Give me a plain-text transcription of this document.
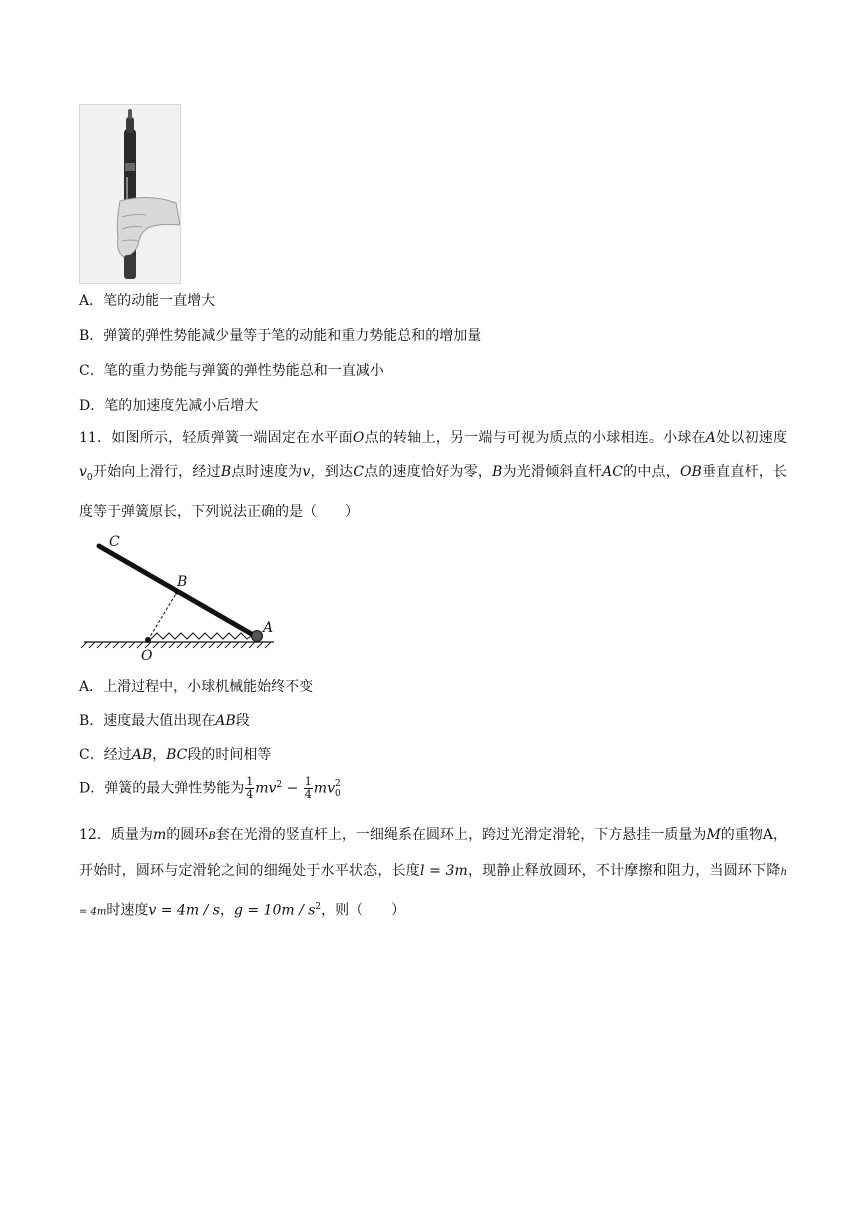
A．笔的动能一直增大
B．弹簧的弹性势能减少量等于笔的动能和重力势能总和的增加量
C．笔的重力势能与弹簧的弹性势能总和一直减小
D．笔的加速度先减小后增大
11．如图所示，轻质弹簧一端固定在水平面O点的转轴上，另一端与可视为质点的小球相连。小球在A处以初速度$v_0$开始向上滑行，经过B点时速度为v，到达C点的速度恰好为零，B为光滑倾斜直杆AC的中点，OB垂直直杆，长度等于弹簧原长，下列说法正确的是（　　）
C
B
A
O
A．上滑过程中，小球机械能始终不变
B．速度最大值出现在AB段
C．经过AB，BC段的时间相等
D．弹簧的最大弹性势能为 $\frac{1}{4} mv^2 - \frac{1}{4}$ mv 2
0
12．质量为m的圆环B套在光滑的竖直杆上，一细绳系在圆环上，跨过光滑定滑轮，下方悬挂一质量为M的重物A，开始时，圆环与定滑轮之间的细绳处于水平状态，长度l = 3m，现静止释放圆环，不计摩擦和阻力，当圆环下降h = 4m时速度v = 4m / s，$g = 10m / s^2$，则（　　）
